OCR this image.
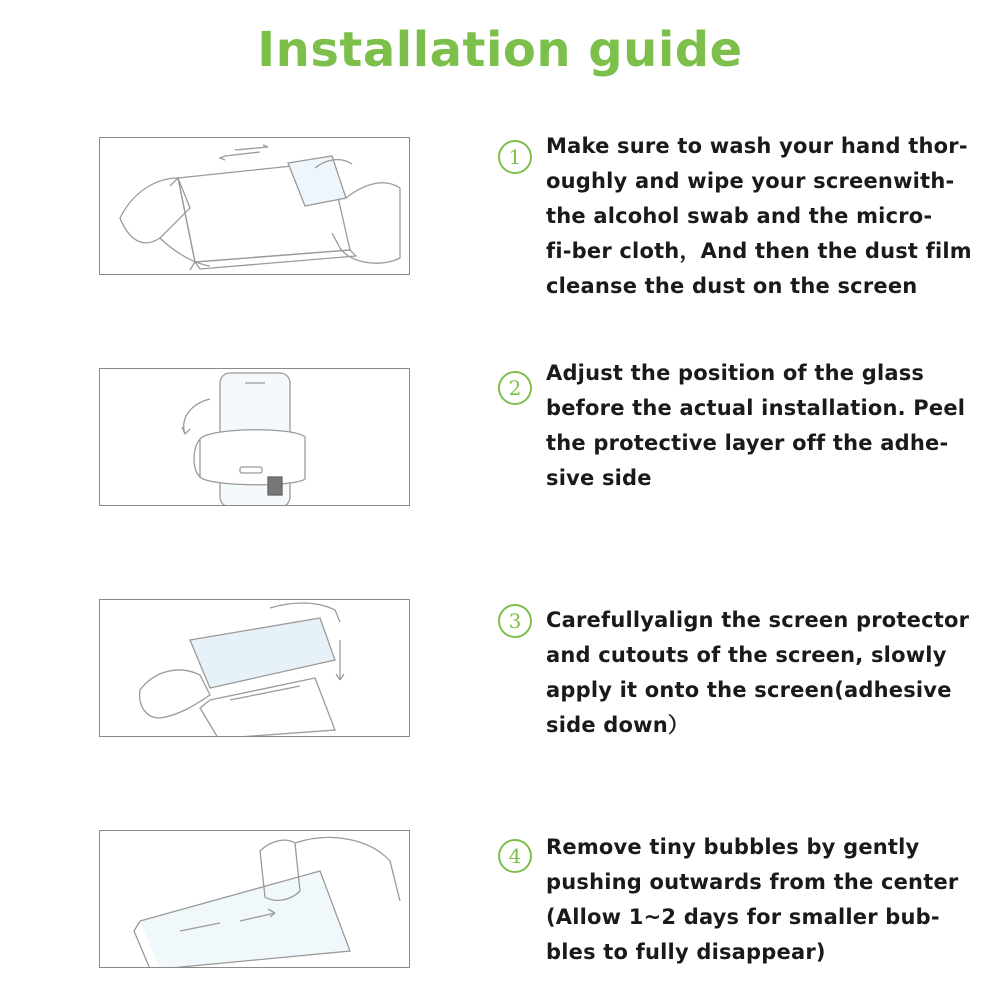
Installation guide
1	Make sure to wash your hand thor-
oughly and wipe your screenwith-
the alcohol swab and the micro-
fi-ber cloth，And then the dust film
cleanse the dust on the screen
2
Adjust the position of the glass
before the actual installation. Peel
the protective layer off the adhe-
sive side
3	Carefullyalign the screen protector
and cutouts of the screen, slowly
apply it onto the screen(adhesive
side down）
4	Remove tiny bubbles by gently
pushing outwards from the center
(Allow 1~2 days for smaller bub-
bles to fully disappear)
